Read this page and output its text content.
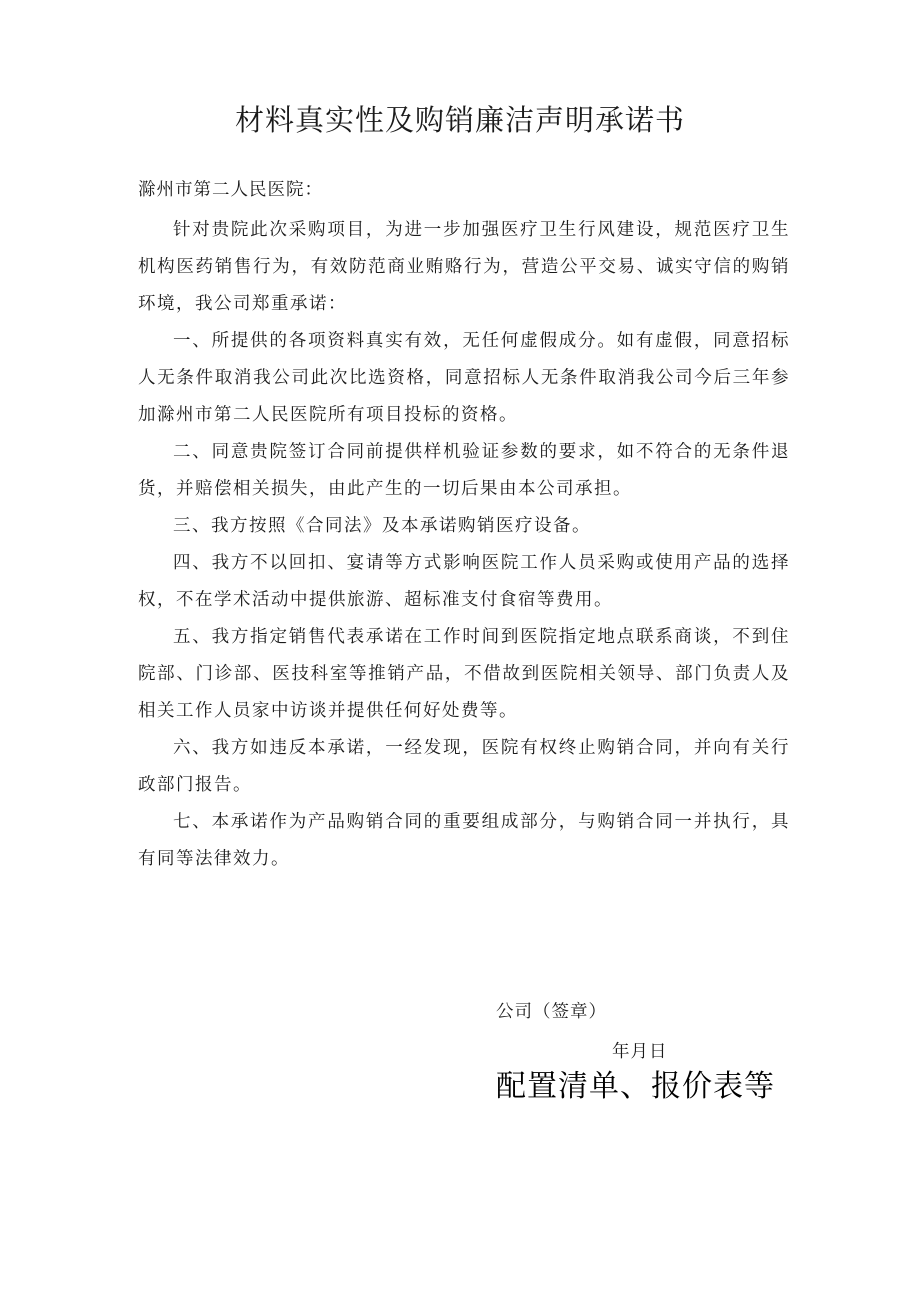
材料真实性及购销廉洁声明承诺书

滁州市第二人民医院：

针对贵院此次采购项目，为进一步加强医疗卫生行风建设，规范医疗卫生机构医药销售行为，有效防范商业贿赂行为，营造公平交易、诚实守信的购销环境，我公司郑重承诺：

一、所提供的各项资料真实有效，无任何虚假成分。如有虚假，同意招标人无条件取消我公司此次比选资格，同意招标人无条件取消我公司今后三年参加滁州市第二人民医院所有项目投标的资格。

二、同意贵院签订合同前提供样机验证参数的要求，如不符合的无条件退货，并赔偿相关损失，由此产生的一切后果由本公司承担。

三、我方按照《合同法》及本承诺购销医疗设备。

四、我方不以回扣、宴请等方式影响医院工作人员采购或使用产品的选择权，不在学术活动中提供旅游、超标准支付食宿等费用。

五、我方指定销售代表承诺在工作时间到医院指定地点联系商谈，不到住院部、门诊部、医技科室等推销产品，不借故到医院相关领导、部门负责人及相关工作人员家中访谈并提供任何好处费等。

六、我方如违反本承诺，一经发现，医院有权终止购销合同，并向有关行政部门报告。

七、本承诺作为产品购销合同的重要组成部分，与购销合同一并执行，具有同等法律效力。

公司（签章）

年月日

配置清单、报价表等
